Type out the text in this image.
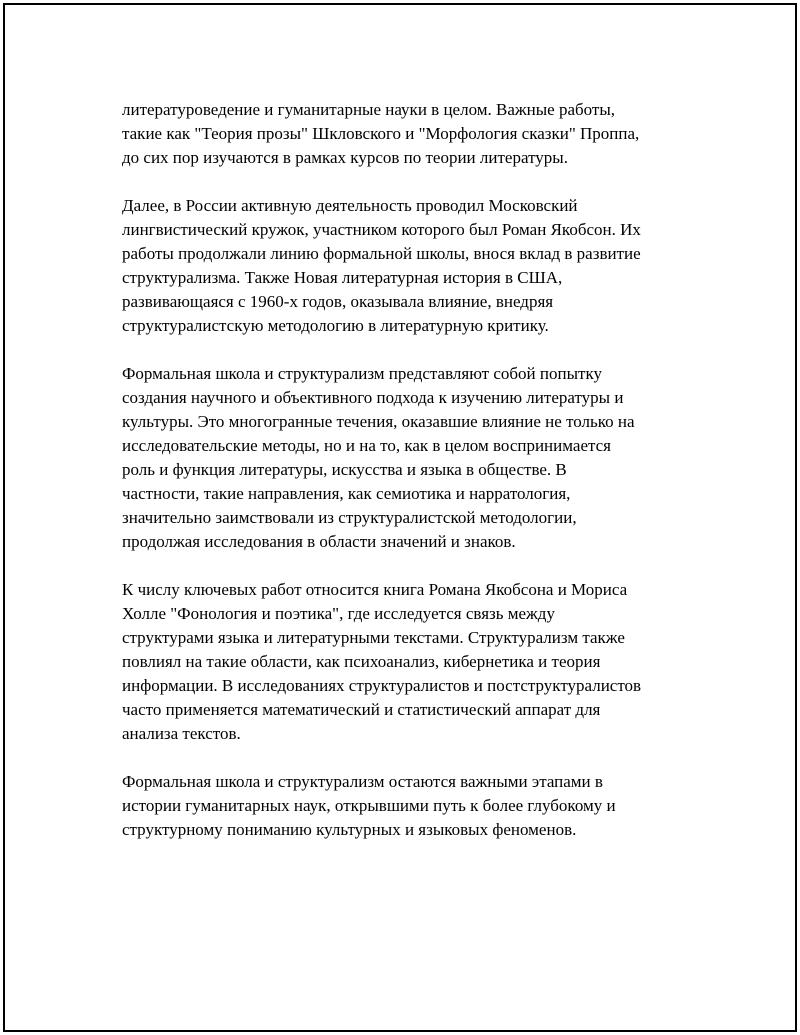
литературоведение и гуманитарные науки в целом. Важные работы,
такие как "Теория прозы" Шкловского и "Морфология сказки" Проппа,
до сих пор изучаются в рамках курсов по теории литературы.

Далее, в России активную деятельность проводил Московский
лингвистический кружок, участником которого был Роман Якобсон. Их
работы продолжали линию формальной школы, внося вклад в развитие
структурализма. Также Новая литературная история в США,
развивающаяся с 1960-х годов, оказывала влияние, внедряя
структуралистскую методологию в литературную критику.

Формальная школа и структурализм представляют собой попытку
создания научного и объективного подхода к изучению литературы и
культуры. Это многогранные течения, оказавшие влияние не только на
исследовательские методы, но и на то, как в целом воспринимается
роль и функция литературы, искусства и языка в обществе. В
частности, такие направления, как семиотика и нарратология,
значительно заимствовали из структуралистской методологии,
продолжая исследования в области значений и знаков.

К числу ключевых работ относится книга Романа Якобсона и Мориса
Холле "Фонология и поэтика", где исследуется связь между
структурами языка и литературными текстами. Структурализм также
повлиял на такие области, как психоанализ, кибернетика и теория
информации. В исследованиях структуралистов и постструктуралистов
часто применяется математический и статистический аппарат для
анализа текстов.

Формальная школа и структурализм остаются важными этапами в
истории гуманитарных наук, открывшими путь к более глубокому и
структурному пониманию культурных и языковых феноменов.
